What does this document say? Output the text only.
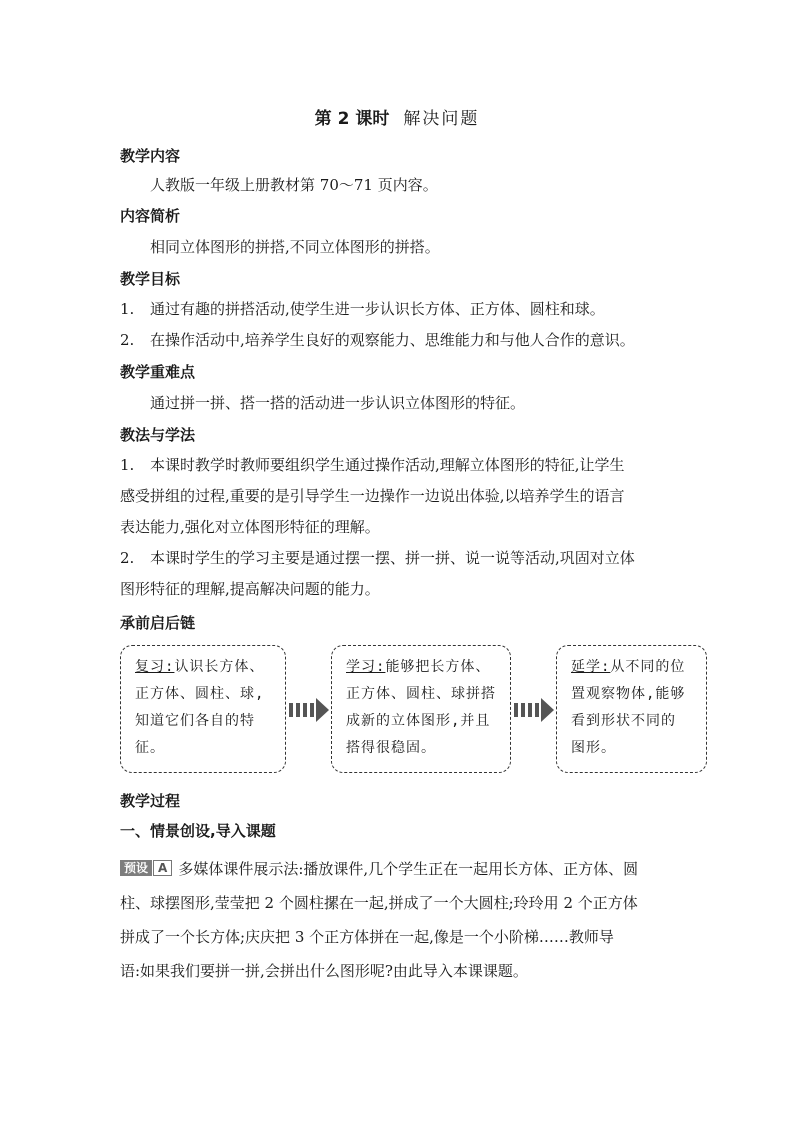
第 2 课时 解决问题
教学内容
人教版一年级上册教材第 70～71 页内容。
内容简析
相同立体图形的拼搭,不同立体图形的拼搭。
教学目标
1. 通过有趣的拼搭活动,使学生进一步认识长方体、正方体、圆柱和球。
2. 在操作活动中,培养学生良好的观察能力、思维能力和与他人合作的意识。
教学重难点
通过拼一拼、搭一搭的活动进一步认识立体图形的特征。
教法与学法
1. 本课时教学时教师要组织学生通过操作活动,理解立体图形的特征,让学生
感受拼组的过程,重要的是引导学生一边操作一边说出体验,以培养学生的语言
表达能力,强化对立体图形特征的理解。
2. 本课时学生的学习主要是通过摆一摆、拼一拼、说一说等活动,巩固对立体
图形特征的理解,提高解决问题的能力。
承前启后链
复习:认识长方体、
正方体、圆柱、球,
知道它们各自的特
征。
学习:能够把长方体、
正方体、圆柱、球拼搭
成新的立体图形,并且
搭得很稳固。
延学:从不同的位
置观察物体,能够
看到形状不同的
图形。
教学过程
一、情景创设,导入课题
预设 A 多媒体课件展示法:播放课件,几个学生正在一起用长方体、正方体、圆
柱、球摆图形,莹莹把 2 个圆柱摞在一起,拼成了一个大圆柱;玲玲用 2 个正方体
拼成了一个长方体;庆庆把 3 个正方体拼在一起,像是一个小阶梯……教师导
语:如果我们要拼一拼,会拼出什么图形呢?由此导入本课课题。
